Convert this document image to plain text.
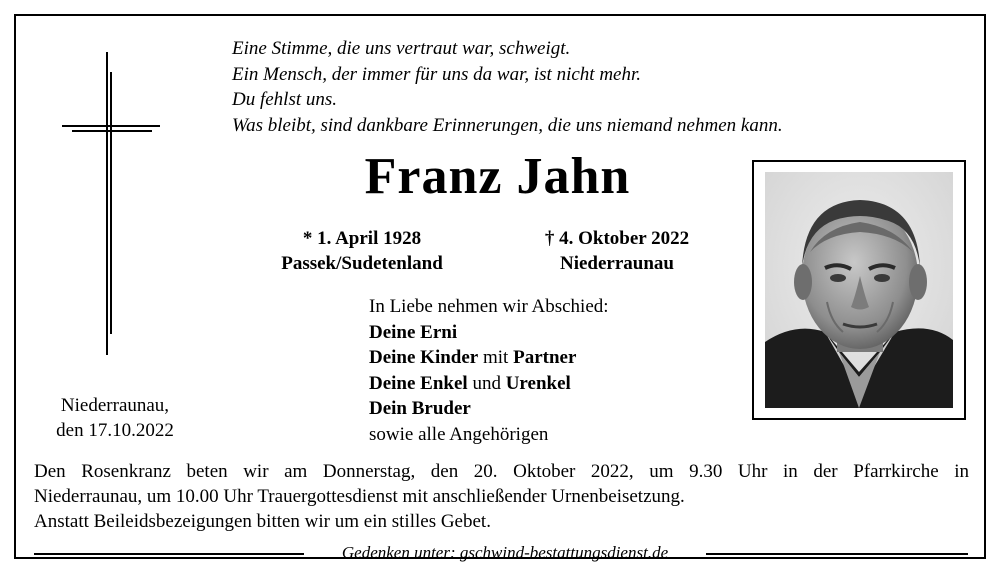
Eine Stimme, die uns vertraut war, schweigt.
Ein Mensch, der immer für uns da war, ist nicht mehr.
Du fehlst uns.
Was bleibt, sind dankbare Erinnerungen, die uns niemand nehmen kann.
Franz Jahn
* 1. April 1928
Passek/Sudetenland
† 4. Oktober 2022
Niederraunau
In Liebe nehmen wir Abschied:
Deine Erni
Deine Kinder mit Partner
Deine Enkel und Urenkel
Dein Bruder
sowie alle Angehörigen
Niederraunau,
den 17.10.2022
Den Rosenkranz beten wir am Donnerstag, den 20. Oktober 2022, um 9.30 Uhr in der Pfarrkirche in
Niederraunau, um 10.00 Uhr Trauergottesdienst mit anschließender Urnenbeisetzung.
Anstatt Beileidsbezeigungen bitten wir um ein stilles Gebet.
Gedenken unter: gschwind-bestattungsdienst.de
